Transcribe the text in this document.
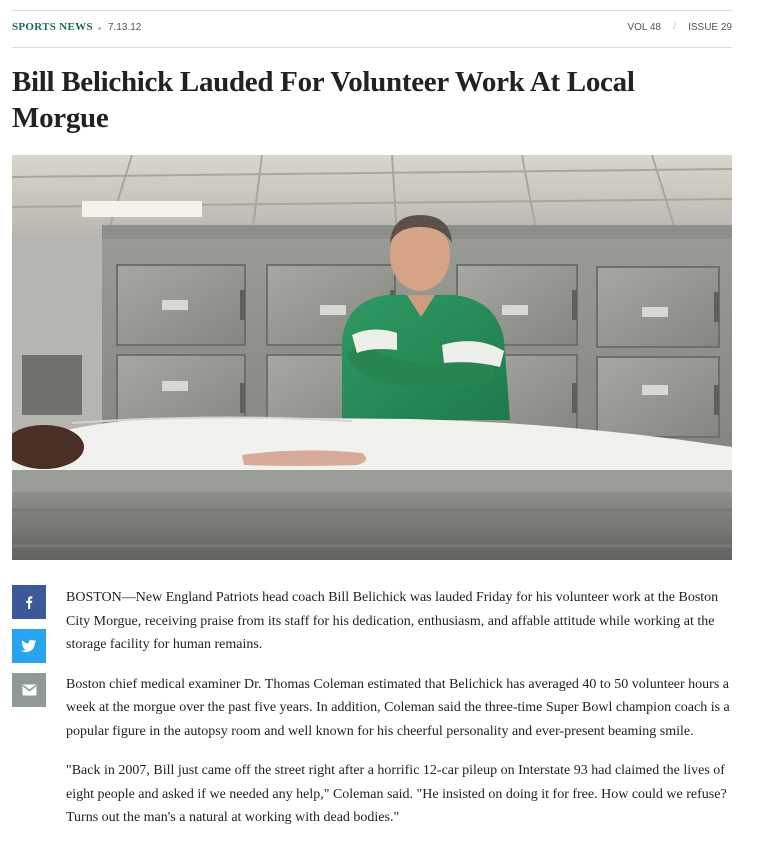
SPORTS NEWS 7.13.12	VOL 48 / ISSUE 29
Bill Belichick Lauded For Volunteer Work At Local Morgue

BOSTON—New England Patriots head coach Bill Belichick was lauded Friday for his volunteer work at the Boston City Morgue, receiving praise from its staff for his dedication, enthusiasm, and affable attitude while working at the storage facility for human remains.

Boston chief medical examiner Dr. Thomas Coleman estimated that Belichick has averaged 40 to 50 volunteer hours a week at the morgue over the past five years. In addition, Coleman said the three-time Super Bowl champion coach is a popular figure in the autopsy room and well known for his cheerful personality and ever-present beaming smile.

"Back in 2007, Bill just came off the street right after a horrific 12-car pileup on Interstate 93 had claimed the lives of eight people and asked if we needed any help," Coleman said. "He insisted on doing it for free. How could we refuse? Turns out the man's a natural at working with dead bodies."
